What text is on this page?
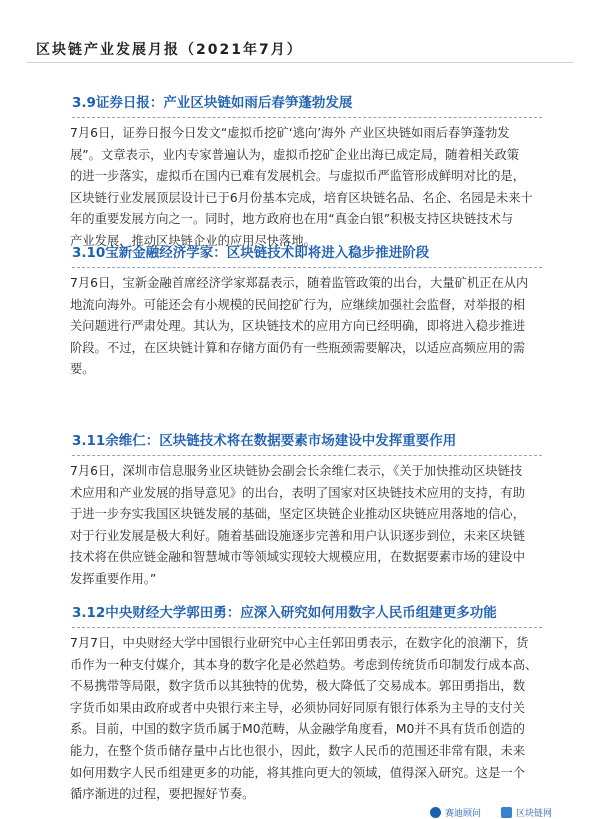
区块链产业发展月报（2021年7月）
3.9证券日报：产业区块链如雨后春笋蓬勃发展
7月6日，证券日报今日发文“虚拟币挖矿‘逃向’海外 产业区块链如雨后春笋蓬勃发
展”。文章表示，业内专家普遍认为，虚拟币挖矿企业出海已成定局，随着相关政策
的进一步落实，虚拟币在国内已难有发展机会。与虚拟币严监管形成鲜明对比的是，
区块链行业发展顶层设计已于6月份基本完成，培育区块链名品、名企、名园是未来十
年的重要发展方向之一。同时，地方政府也在用“真金白银”积极支持区块链技术与
产业发展，推动区块链企业的应用尽快落地。
3.10宝新金融经济学家：区块链技术即将进入稳步推进阶段
7月6日，宝新金融首席经济学家郑磊表示，随着监管政策的出台，大量矿机正在从内
地流向海外。可能还会有小规模的民间挖矿行为，应继续加强社会监督，对举报的相
关问题进行严肃处理。其认为，区块链技术的应用方向已经明确，即将进入稳步推进
阶段。不过，在区块链计算和存储方面仍有一些瓶颈需要解决，以适应高频应用的需
要。
3.11余维仁：区块链技术将在数据要素市场建设中发挥重要作用
7月6日，深圳市信息服务业区块链协会副会长余维仁表示，《关于加快推动区块链技
术应用和产业发展的指导意见》的出台，表明了国家对区块链技术应用的支持，有助
于进一步夯实我国区块链发展的基础，坚定区块链企业推动区块链应用落地的信心，
对于行业发展是极大利好。随着基础设施逐步完善和用户认识逐步到位，未来区块链
技术将在供应链金融和智慧城市等领域实现较大规模应用，在数据要素市场的建设中
发挥重要作用。”
3.12中央财经大学郭田勇：应深入研究如何用数字人民币组建更多功能
7月7日，中央财经大学中国银行业研究中心主任郭田勇表示，在数字化的浪潮下，货
币作为一种支付媒介，其本身的数字化是必然趋势。考虑到传统货币印制发行成本高、
不易携带等局限，数字货币以其独特的优势，极大降低了交易成本。郭田勇指出，数
字货币如果由政府或者中央银行来主导，必须协同好同原有银行体系为主导的支付关
系。目前，中国的数字货币属于M0范畴，从金融学角度看，M0并不具有货币创造的
能力，在整个货币储存量中占比也很小，因此，数字人民币的范围还非常有限，未来
如何用数字人民币组建更多的功能，将其推向更大的领域，值得深入研究。这是一个
循序渐进的过程，要把握好节奏。
赛迪顾问	区块链网
